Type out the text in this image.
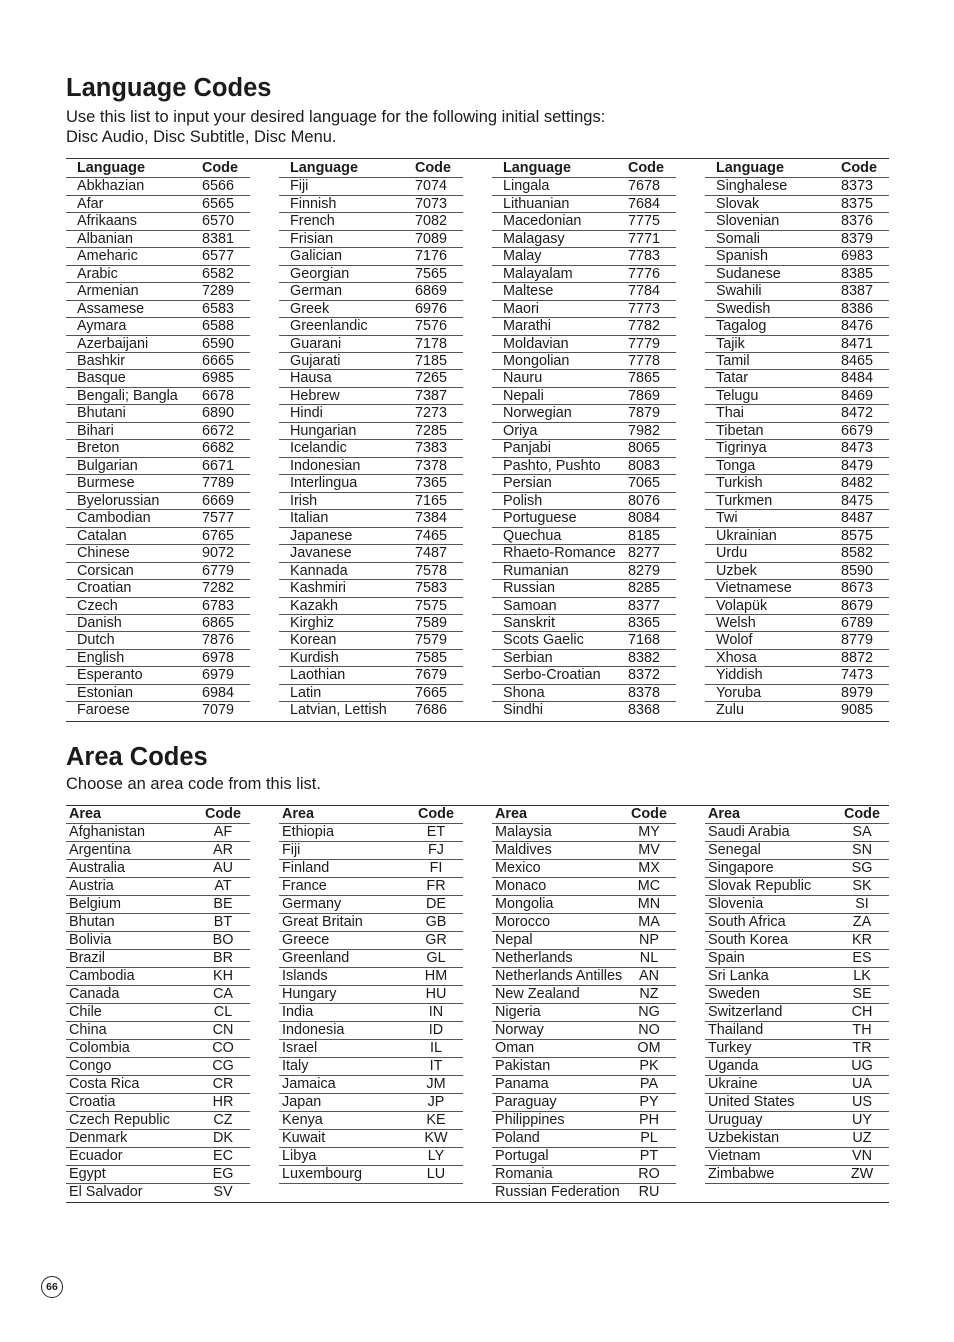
Language Codes

Use this list to input your desired language for the following initial settings:
Disc Audio, Disc Subtitle, Disc Menu.

Language	Code
Abkhazian	6566
Afar	6565
Afrikaans	6570
Albanian	8381
Ameharic	6577
Arabic	6582
Armenian	7289
Assamese	6583
Aymara	6588
Azerbaijani	6590
Bashkir	6665
Basque	6985
Bengali; Bangla 6678
Bhutani	6890
Bihari	6672
Breton	6682
Bulgarian	6671
Burmese	7789
Byelorussian	6669
Cambodian	7577
Catalan	6765
Chinese	9072
Corsican	6779
Croatian	7282
Czech	6783
Danish	6865
Dutch	7876
English	6978
Esperanto	6979
Estonian	6984
Faroese	7079
Language	Code
Fiji	7074
Finnish	7073
French	7082
Frisian	7089
Galician	7176
Georgian	7565
German	6869
Greek	6976
Greenlandic	7576
Guarani	7178
Gujarati	7185
Hausa	7265
Hebrew	7387
Hindi	7273
Hungarian	7285
Icelandic	7383
Indonesian	7378
Interlingua	7365
Irish	7165
Italian	7384
Japanese	7465
Javanese	7487
Kannada	7578
Kashmiri	7583
Kazakh	7575
Kirghiz	7589
Korean	7579
Kurdish	7585
Laothian	7679
Latin	7665
Latvian, Lettish 7686
Language	Code
Lingala	7678
Lithuanian	7684
Macedonian	7775
Malagasy	7771
Malay	7783
Malayalam	7776
Maltese	7784
Maori	7773
Marathi	7782
Moldavian	7779
Mongolian	7778
Nauru	7865
Nepali	7869
Norwegian	7879
Oriya	7982
Panjabi	8065
Pashto, Pushto 8083
Persian	7065
Polish	8076
Portuguese	8084
Quechua	8185
Rhaeto-Romance 8277
Rumanian	8279
Russian	8285
Samoan	8377
Sanskrit	8365
Scots Gaelic	7168
Serbian	8382
Serbo-Croatian 8372
Shona	8378
Sindhi	8368
Language	Code
Singhalese	8373
Slovak	8375
Slovenian	8376
Somali	8379
Spanish	6983
Sudanese	8385
Swahili	8387
Swedish	8386
Tagalog	8476
Tajik	8471
Tamil	8465
Tatar	8484
Telugu	8469
Thai	8472
Tibetan	6679
Tigrinya	8473
Tonga	8479
Turkish	8482
Turkmen	8475
Twi	8487
Ukrainian	8575
Urdu	8582
Uzbek	8590
Vietnamese	8673
Volapük	8679
Welsh	6789
Wolof	8779
Xhosa	8872
Yiddish	7473
Yoruba	8979
Zulu	9085
Area Codes

Choose an area code from this list.

Area	Code
Afghanistan	AF
Argentina	AR
Australia	AU
Austria	AT
Belgium	BE
Bhutan	BT
Bolivia	BO
Brazil	BR
Cambodia	KH
Canada	CA
Chile	CL
China	CN
Colombia	CO
Congo	CG
Costa Rica	CR
Croatia	HR
Czech Republic	CZ
Denmark	DK
Ecuador	EC
Egypt	EG
El Salvador	SV
Area	Code
Ethiopia	ET
Fiji	FJ
Finland	FI
France	FR
Germany	DE
Great Britain	GB
Greece	GR
Greenland	GL
Islands	HM
Hungary	HU
India	IN
Indonesia	ID
Israel	IL
Italy	IT
Jamaica	JM
Japan	JP
Kenya	KE
Kuwait	KW
Libya	LY
Luxembourg	LU
Area	Code
Malaysia	MY
Maldives	MV
Mexico	MX
Monaco	MC
Mongolia	MN
Morocco	MA
Nepal	NP
Netherlands	NL
Netherlands Antilles	AN
New Zealand	NZ
Nigeria	NG
Norway	NO
Oman	OM
Pakistan	PK
Panama	PA
Paraguay	PY
Philippines	PH
Poland	PL
Portugal	PT
Romania	RO
Russian Federation	RU
Area	Code
Saudi Arabia	SA
Senegal	SN
Singapore	SG
Slovak Republic	SK
Slovenia	SI
South Africa	ZA
South Korea	KR
Spain	ES
Sri Lanka	LK
Sweden	SE
Switzerland	CH
Thailand	TH
Turkey	TR
Uganda	UG
Ukraine	UA
United States	US
Uruguay	UY
Uzbekistan	UZ
Vietnam	VN
Zimbabwe	ZW
66
